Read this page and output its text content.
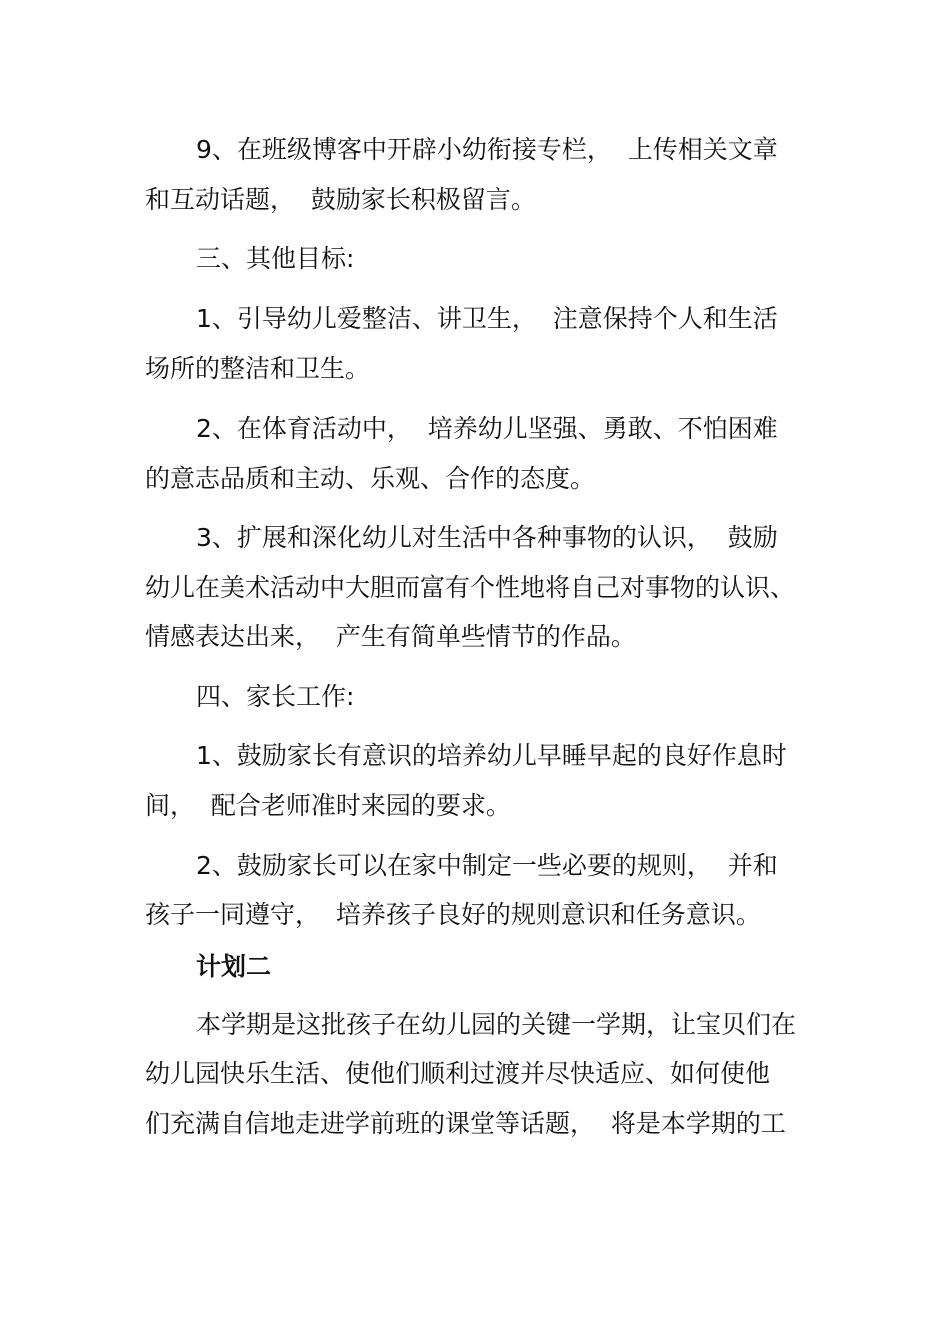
9、在班级博客中开辟小幼衔接专栏，  上传相关文章
和互动话题，  鼓励家长积极留言。
三、其他目标:
1、引导幼儿爱整洁、讲卫生，  注意保持个人和生活
场所的整洁和卫生。
2、在体育活动中，  培养幼儿坚强、勇敢、不怕困难
的意志品质和主动、乐观、合作的态度。
3、扩展和深化幼儿对生活中各种事物的认识，  鼓励
幼儿在美术活动中大胆而富有个性地将自己对事物的认识、
情感表达出来，  产生有简单些情节的作品。
四、家长工作:
1、鼓励家长有意识的培养幼儿早睡早起的良好作息时
间，  配合老师准时来园的要求。
2、鼓励家长可以在家中制定一些必要的规则，  并和
孩子一同遵守，  培养孩子良好的规则意识和任务意识。
计划二
本学期是这批孩子在幼儿园的关键一学期，让宝贝们在
幼儿园快乐生活、使他们顺利过渡并尽快适应、如何使他
们充满自信地走进学前班的课堂等话题，  将是本学期的工
